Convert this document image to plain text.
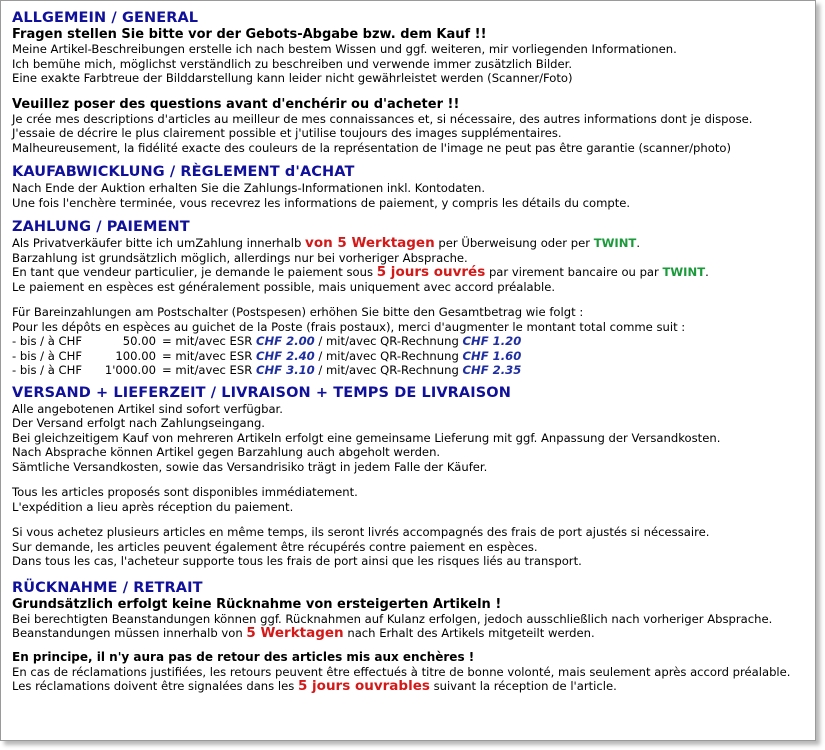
ALLGEMEIN / GENERAL

Fragen stellen Sie bitte vor der Gebots-Abgabe bzw. dem Kauf !!

Meine Artikel-Beschreibungen erstelle ich nach bestem Wissen und ggf. weiteren, mir vorliegenden Informationen.

Ich bemühe mich, möglichst verständlich zu beschreiben und verwende immer zusätzlich Bilder.

Eine exakte Farbtreue der Bilddarstellung kann leider nicht gewährleistet werden (Scanner/Foto)

Veuillez poser des questions avant d'enchérir ou d'acheter !!

Je crée mes descriptions d'articles au meilleur de mes connaissances et, si nécessaire, des autres informations dont je dispose.

J'essaie de décrire le plus clairement possible et j'utilise toujours des images supplémentaires.

Malheureusement, la fidélité exacte des couleurs de la représentation de l'image ne peut pas être garantie (scanner/photo)

KAUFABWICKLUNG / RÈGLEMENT d'ACHAT

Nach Ende der Auktion erhalten Sie die Zahlungs-Informationen inkl. Kontodaten.

Une fois l'enchère terminée, vous recevrez les informations de paiement, y compris les détails du compte.

ZAHLUNG / PAIEMENT

Als Privatverkäufer bitte ich umZahlung innerhalb von 5 Werktagen per Überweisung oder per TWINT.

Barzahlung ist grundsätzlich möglich, allerdings nur bei vorheriger Absprache.

En tant que vendeur particulier, je demande le paiement sous 5 jours ouvrés par virement bancaire ou par TWINT.

Le paiement en espèces est généralement possible, mais uniquement avec accord préalable.

Für Bareinzahlungen am Postschalter (Postspesen) erhöhen Sie bitte den Gesamtbetrag wie folgt :

Pour les dépôts en espèces au guichet de la Poste (frais postaux), merci d'augmenter le montant total comme suit :

- bis / à CHF	50.00 = mit/avec ESR CHF 2.00 / mit/avec QR-Rechnung CHF 1.20
- bis / à CHF	100.00 = mit/avec ESR CHF 2.40 / mit/avec QR-Rechnung CHF 1.60
- bis / à CHF	1'000.00 = mit/avec ESR CHF 3.10 / mit/avec QR-Rechnung CHF 2.35

VERSAND + LIEFERZEIT / LIVRAISON + TEMPS DE LIVRAISON

Alle angebotenen Artikel sind sofort verfügbar.

Der Versand erfolgt nach Zahlungseingang.

Bei gleichzeitigem Kauf von mehreren Artikeln erfolgt eine gemeinsame Lieferung mit ggf. Anpassung der Versandkosten.

Nach Absprache können Artikel gegen Barzahlung auch abgeholt werden.

Sämtliche Versandkosten, sowie das Versandrisiko trägt in jedem Falle der Käufer.

Tous les articles proposés sont disponibles immédiatement.

L'expédition a lieu après réception du paiement.

Si vous achetez plusieurs articles en même temps, ils seront livrés accompagnés des frais de port ajustés si nécessaire.

Sur demande, les articles peuvent également être récupérés contre paiement en espèces.

Dans tous les cas, l'acheteur supporte tous les frais de port ainsi que les risques liés au transport.

RÜCKNAHME / RETRAIT

Grundsätzlich erfolgt keine Rücknahme von ersteigerten Artikeln !

Bei berechtigten Beanstandungen können ggf. Rücknahmen auf Kulanz erfolgen, jedoch ausschließlich nach vorheriger Absprache.

Beanstandungen müssen innerhalb von 5 Werktagen nach Erhalt des Artikels mitgeteilt werden.

En principe, il n'y aura pas de retour des articles mis aux enchères !

En cas de réclamations justifiées, les retours peuvent être effectués à titre de bonne volonté, mais seulement après accord préalable.

Les réclamations doivent être signalées dans les 5 jours ouvrables suivant la réception de l'article.
